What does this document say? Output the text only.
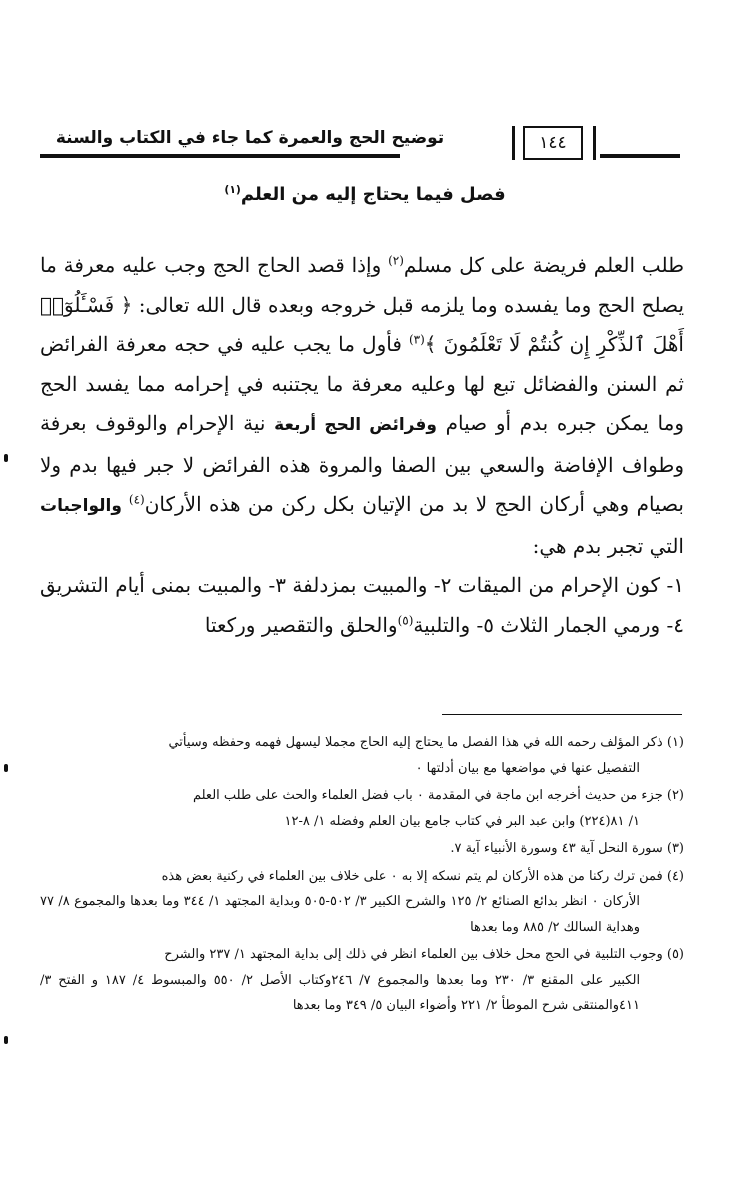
توضيح الحج والعمرة كما جاء في الكتاب والسنة	١٤٤
فصل فيما يحتاج إليه من العلم$^{(١)}$

طلب العلم فريضة على كل مسلم$^{(٢)}$ وإذا قصد الحاج الحج وجب عليه معرفة ما يصلح الحج وما يفسده وما يلزمه قبل خروجه وبعده قال الله تعالى: ﴿ فَسْـَٔلُوٓا۟ أَهْلَ ٱلذِّكْرِ إِن كُنتُمْ لَا تَعْلَمُونَ ﴾$^{(٣)}$ فأول ما يجب عليه في حجه معرفة الفرائض ثم السنن والفضائل تبع لها وعليه معرفة ما يجتنبه في إحرامه مما يفسد الحج وما يمكن جبره بدم أو صيام وفرائض الحج أربعة نية الإحرام والوقوف بعرفة وطواف الإفاضة والسعي بين الصفا والمروة هذه الفرائض لا جبر فيها بدم ولا بصيام وهي أركان الحج لا بد من الإتيان بكل ركن من هذه الأركان$^{(٤)}$ والواجبات التي تجبر بدم هي:

١- كون الإحرام من الميقات ٢- والمبيت بمزدلفة ٣- والمبيت بمنى أيام التشريق ٤- ورمي الجمار الثلاث ٥- والتلبية$^{(٥)}$والحلق والتقصير وركعتا

(١) ذكر المؤلف رحمه الله في هذا الفصل ما يحتاج إليه الحاج مجملا ليسهل فهمه وحفظه وسيأتي
التفصيل عنها في مواضعها مع بيان أدلتها ٠

(٢) جزء من حديث أخرجه ابن ماجة في المقدمة ٠ باب فضل العلماء والحث على طلب العلم
١/ ٨١(٢٢٤) وابن عبد البر في كتاب جامع بيان العلم وفضله ١/ ٨-١٢

(٣) سورة النحل آية ٤٣ وسورة الأنبياء آية ٧.

(٤) فمن ترك ركنا من هذه الأركان لم يتم نسكه إلا به ٠ على خلاف بين العلماء في ركنية بعض هذه
الأركان ٠ انظر بدائع الصنائع ٢/ ١٢٥ والشرح الكبير ٣/ ٥٠٢-٥٠٥ وبداية المجتهد ١/ ٣٤٤ وما بعدها والمجموع ٨/ ٧٧ وهداية السالك ٢/ ٨٨٥ وما بعدها

(٥) وجوب التلبية في الحج محل خلاف بين العلماء انظر في ذلك إلى بداية المجتهد ١/ ٢٣٧ والشرح
الكبير على المقنع ٣/ ٢٣٠ وما بعدها والمجموع ٧/ ٢٤٦وكتاب الأصل ٢/ ٥٥٠ والمبسوط ٤/ ١٨٧ و الفتح ٣/ ٤١١والمنتقى شرح الموطأ ٢/ ٢٢١ وأضواء البيان ٥/ ٣٤٩ وما بعدها
